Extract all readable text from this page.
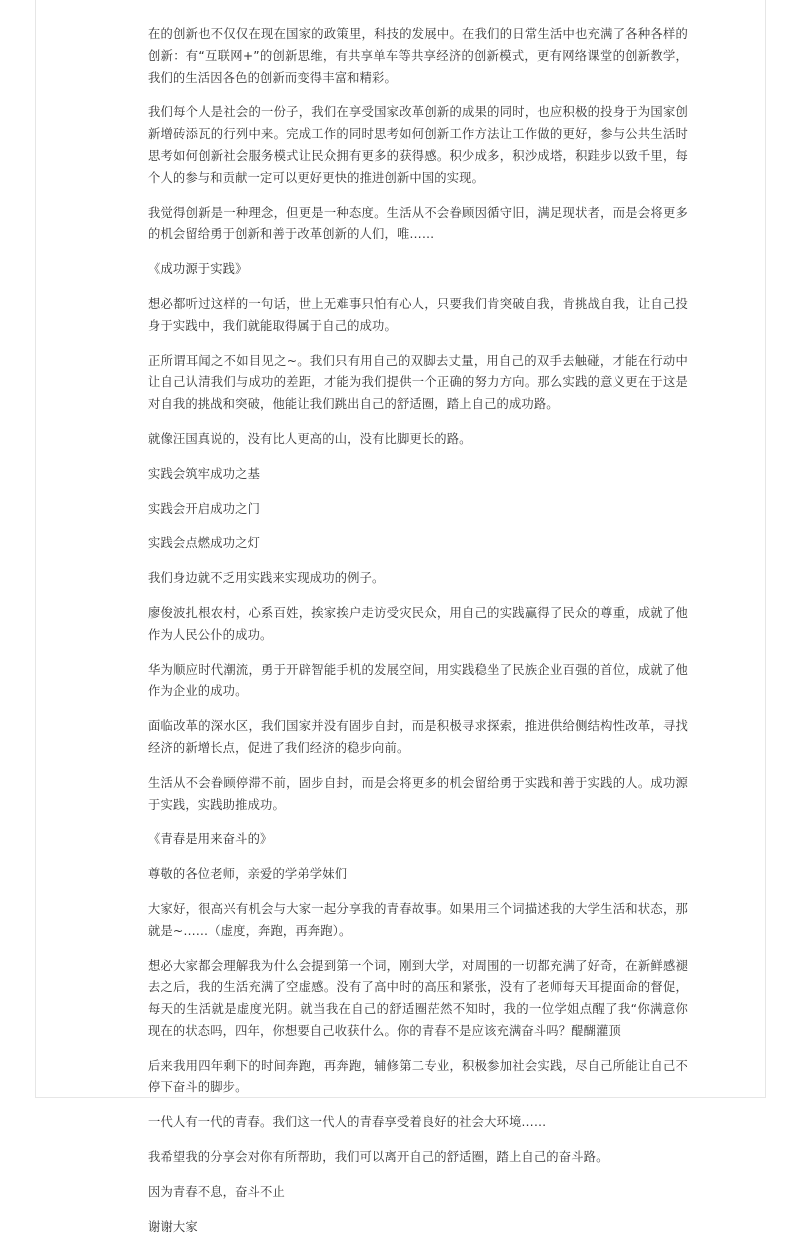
在的创新也不仅仅在现在国家的政策里，科技的发展中。在我们的日常生活中也充满了各种各样的创新：有“互联网+”的创新思维，有共享单车等共享经济的创新模式，更有网络课堂的创新教学，我们的生活因各色的创新而变得丰富和精彩。

我们每个人是社会的一份子，我们在享受国家改革创新的成果的同时，也应积极的投身于为国家创新增砖添瓦的行列中来。完成工作的同时思考如何创新工作方法让工作做的更好，参与公共生活时思考如何创新社会服务模式让民众拥有更多的获得感。积少成多，积沙成塔，积跬步以致千里，每个人的参与和贡献一定可以更好更快的推进创新中国的实现。

我觉得创新是一种理念，但更是一种态度。生活从不会眷顾因循守旧，满足现状者，而是会将更多的机会留给勇于创新和善于改革创新的人们，唯……

《成功源于实践》

想必都听过这样的一句话，世上无难事只怕有心人，只要我们肯突破自我，肯挑战自我，让自己投身于实践中，我们就能取得属于自己的成功。

正所谓耳闻之不如目见之~。我们只有用自己的双脚去丈量，用自己的双手去触碰，才能在行动中让自己认清我们与成功的差距，才能为我们提供一个正确的努力方向。那么实践的意义更在于这是对自我的挑战和突破，他能让我们跳出自己的舒适圈，踏上自己的成功路。

就像汪国真说的，没有比人更高的山，没有比脚更长的路。

实践会筑牢成功之基

实践会开启成功之门

实践会点燃成功之灯

我们身边就不乏用实践来实现成功的例子。

廖俊波扎根农村，心系百姓，挨家挨户走访受灾民众，用自己的实践赢得了民众的尊重，成就了他作为人民公仆的成功。

华为顺应时代潮流，勇于开辟智能手机的发展空间，用实践稳坐了民族企业百强的首位，成就了他作为企业的成功。

面临改革的深水区，我们国家并没有固步自封，而是积极寻求探索，推进供给侧结构性改革，寻找经济的新增长点，促进了我们经济的稳步向前。

生活从不会眷顾停滞不前，固步自封，而是会将更多的机会留给勇于实践和善于实践的人。成功源于实践，实践助推成功。

《青春是用来奋斗的》

尊敬的各位老师，亲爱的学弟学妹们

大家好，很高兴有机会与大家一起分享我的青春故事。如果用三个词描述我的大学生活和状态，那就是~……（虚度，奔跑，再奔跑）。

想必大家都会理解我为什么会提到第一个词，刚到大学，对周围的一切都充满了好奇，在新鲜感褪去之后，我的生活充满了空虚感。没有了高中时的高压和紧张，没有了老师每天耳提面命的督促，每天的生活就是虚度光阴。就当我在自己的舒适圈茫然不知时，我的一位学姐点醒了我“你满意你现在的状态吗，四年，你想要自己收获什么。你的青春不是应该充满奋斗吗？醍醐灌顶

后来我用四年剩下的时间奔跑，再奔跑，辅修第二专业，积极参加社会实践，尽自己所能让自己不停下奋斗的脚步。

一代人有一代的青春。我们这一代人的青春享受着良好的社会大环境……

我希望我的分享会对你有所帮助，我们可以离开自己的舒适圈，踏上自己的奋斗路。

因为青春不息，奋斗不止

谢谢大家
